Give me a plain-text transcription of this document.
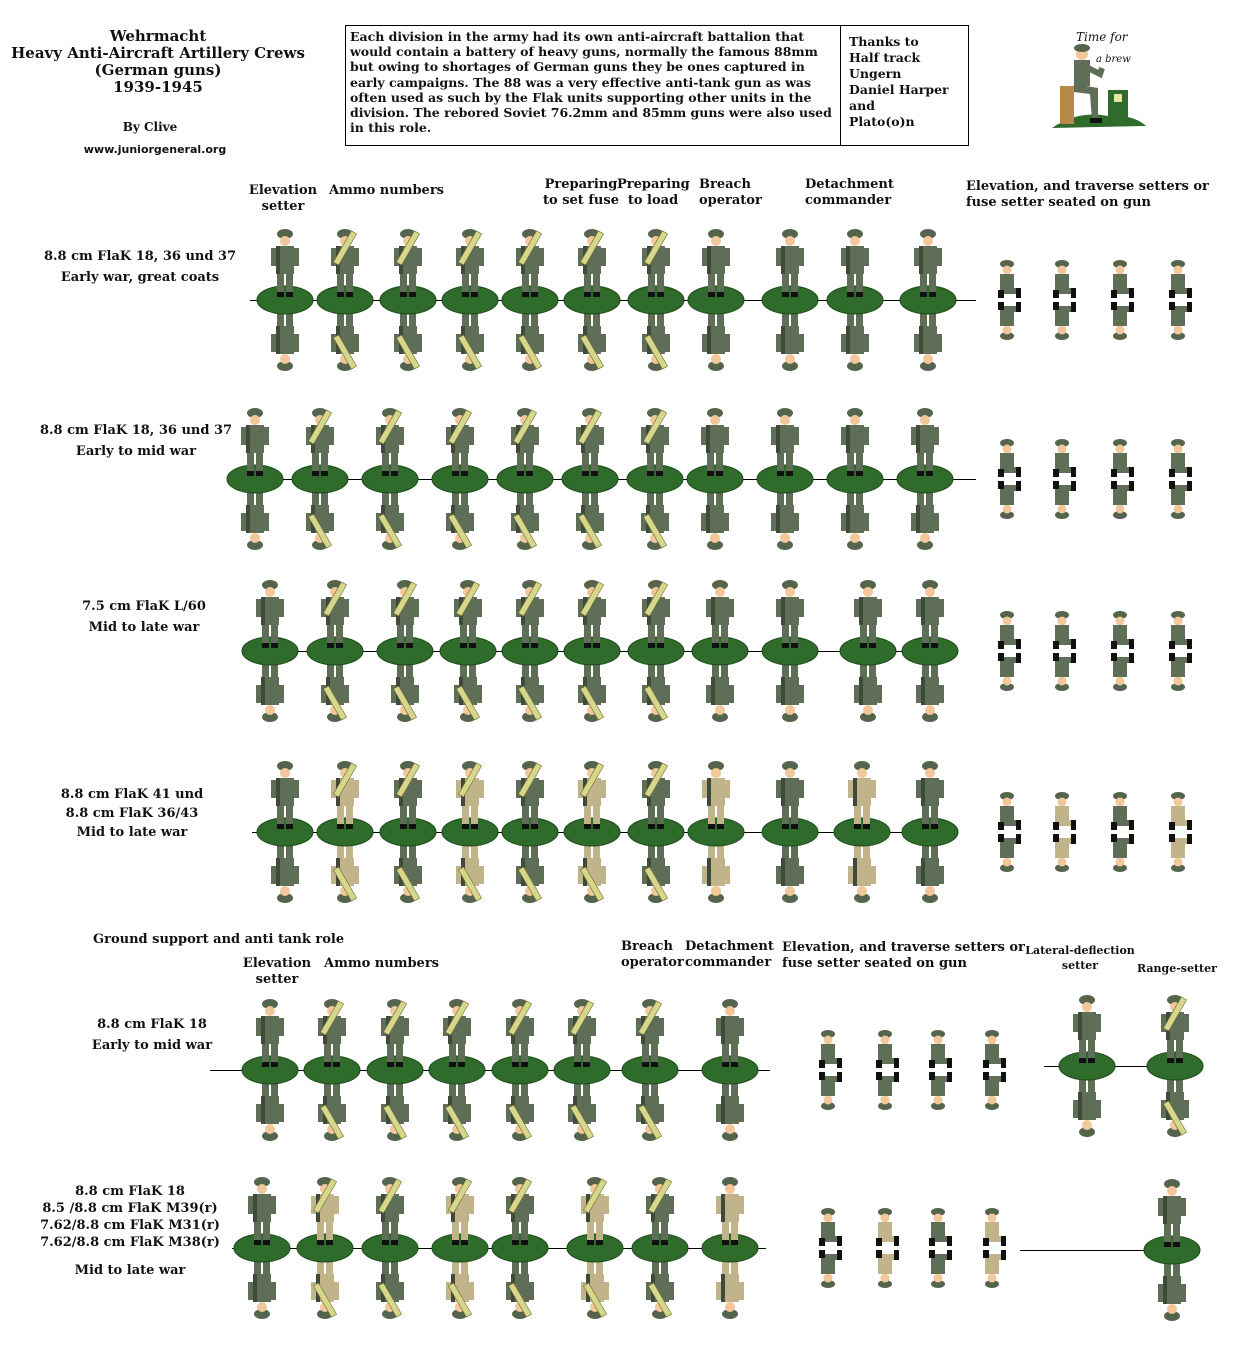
Wehrmacht
Heavy Anti-Aircraft Artillery Crews
(German guns)
1939-1945
By Clive
www.juniorgeneral.org
Each division in the army had its own anti-aircraft battalion that would contain a battery of heavy guns, normally the famous 88mm but owing to shortages of German guns they be ones captured in early campaigns. The 88 was a very effective anti-tank gun as was often used as such by the Flak units supporting other units in the division. The rebored Soviet 76.2mm and 85mm guns were also used in this role.
Thanks to
Half track
Ungern
Daniel Harper
and
Plato(o)n
Time for
a brew
Elevation
setter
Ammo numbers	Preparing
to set fuse
Preparing
to load
Breach
operator
Detachment
commander
Elevation, and traverse setters or
fuse setter seated on gun
Ground support and anti tank role
Elevation
setter
Ammo numbers
Breach
operator
Detachment
commander
Elevation, and traverse setters or
fuse setter seated on gun
Lateral-deflection
setter	Range-setter
8.8 cm FlaK 18, 36 und 37
Early war, great coats
8.8 cm FlaK 18, 36 und 37
Early to mid war
7.5 cm FlaK L/60
Mid to late war
8.8 cm FlaK 41 und
8.8 cm FlaK 36/43
Mid to late war
8.8 cm FlaK 18
Early to mid war
8.8 cm FlaK 18
8.5 /8.8 cm FlaK M39(r)
7.62/8.8 cm FlaK M31(r)
7.62/8.8 cm FlaK M38(r)
Mid to late war
